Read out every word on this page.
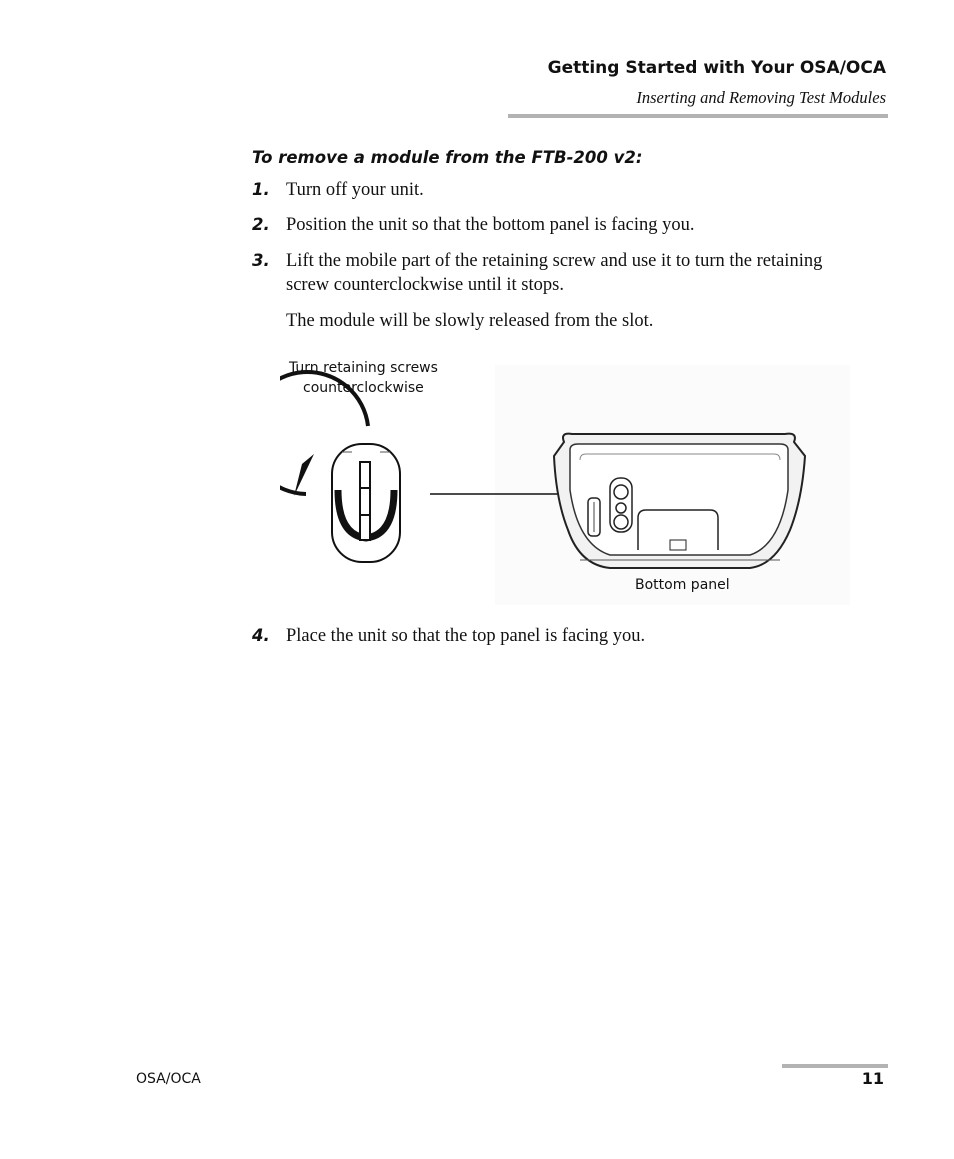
Getting Started with Your OSA/OCA
Inserting and Removing Test Modules
To remove a module from the FTB-200 v2:
1. Turn off your unit.
2. Position the unit so that the bottom panel is facing you.
3. Lift the mobile part of the retaining screw and use it to turn the retaining screw counterclockwise until it stops.
The module will be slowly released from the slot.
Turn retaining screws
counterclockwise
Bottom panel
4. Place the unit so that the top panel is facing you.
OSA/OCA	11
